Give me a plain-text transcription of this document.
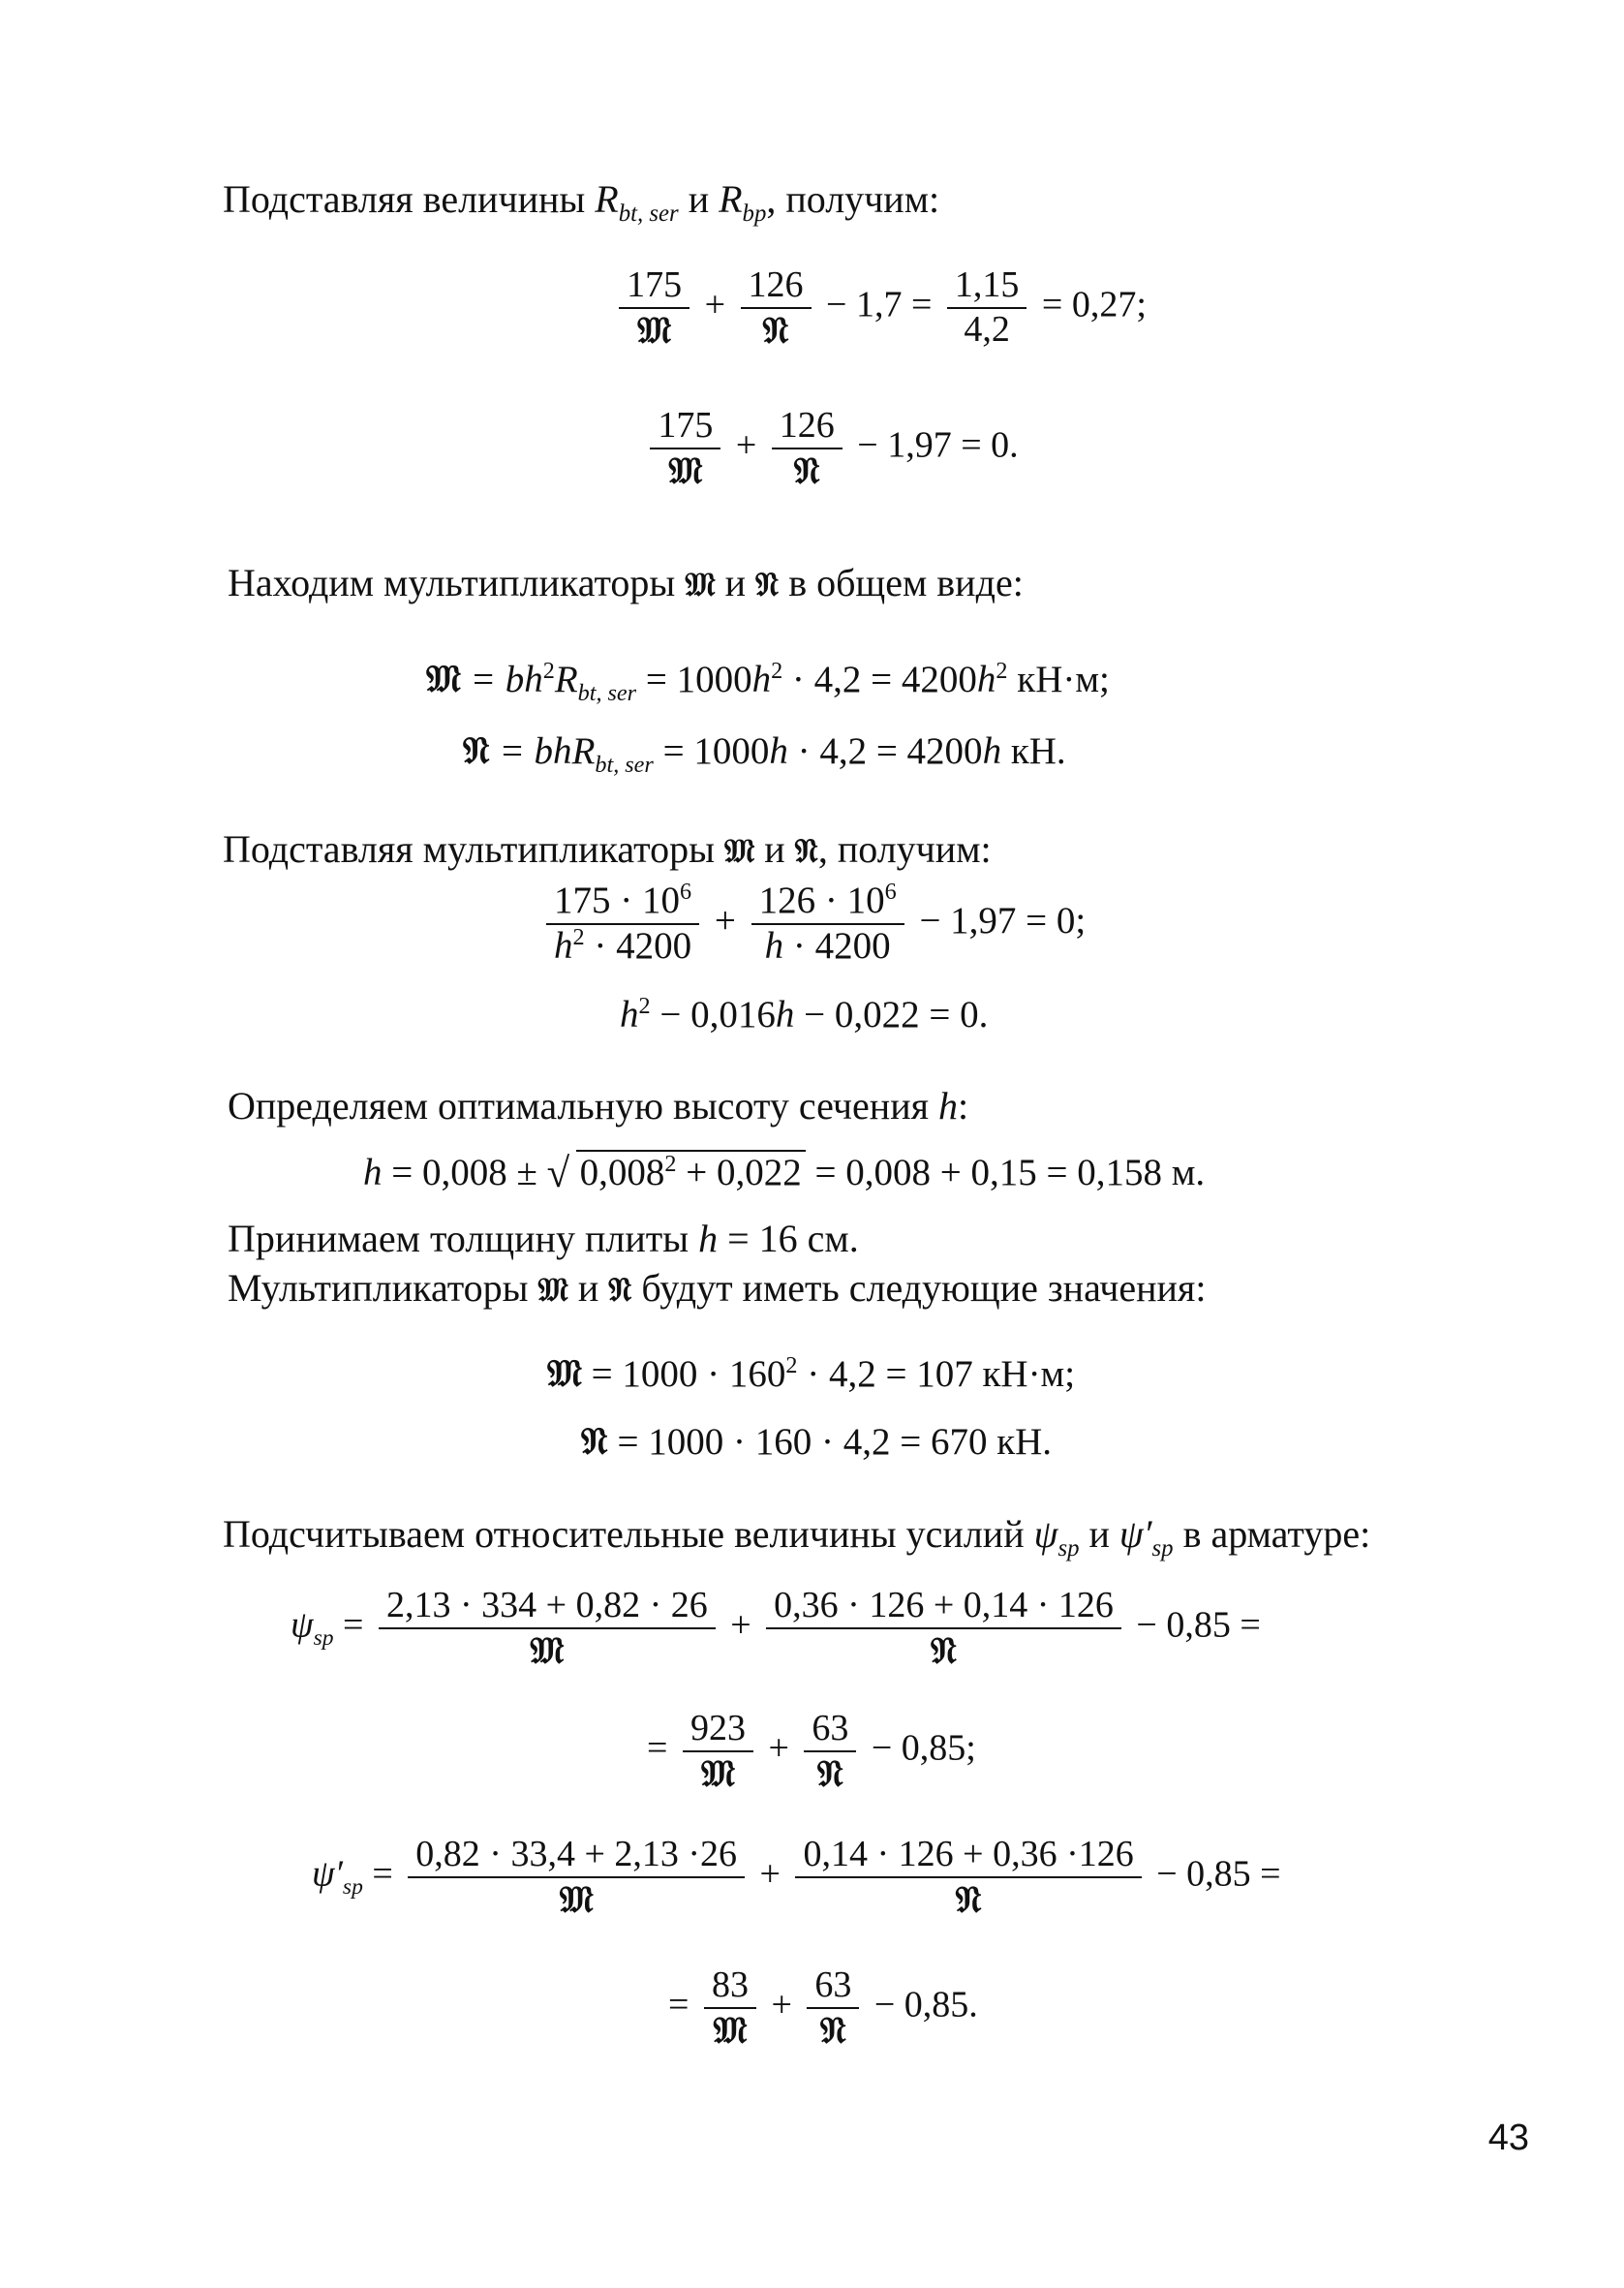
Подставляя величины $R_{bt, ser}$ и $R_{bp}$, получим:
$\frac{175}{\text{𝔐}} + \frac{126}{\text{𝔑}} - 1,7 = \frac{1,15}{4,2} = 0,27$;
$\frac{175}{\text{𝔐}} + \frac{126}{\text{𝔑}} - 1,97 = 0$.
Находим мультипликаторы 𝔐 и 𝔑 в общем виде:
𝔐 = $bh^2R_{bt, ser} = 1000h^2 \cdot 4,2 = 4200h^2$ кН·м;
𝔑 = bhR$_{bt, ser}$ = 1000h · 4,2 = 4200h кН.
Подставляя мультипликаторы 𝔐 и 𝔑, получим:
$\frac{175 \cdot 10^6}{h^2 \cdot 4200} + \frac{126 \cdot 10^6}{h \cdot 4200} - 1,97 = 0$;
$h^2 - 0,016h - 0,022 = 0$.
Определяем оптимальную высоту сечения h:
h = 0,008 ± √ $0,008^2 + 0,022 = 0,008 + 0,15 = 0,158$ м.
Принимаем толщину плиты h = 16 см.
Мультипликаторы 𝔐 и 𝔑 будут иметь следующие значения:
𝔐 = $1000 \cdot 160^2 \cdot 4,2 = 107$ кН·м;
𝔑 = 1000 · 160 · 4,2 = 670 кН.
Подсчитываем относительные величины усилий $\psi_{sp}$ и $\psi'_{sp}$ в арматуре:
$\psi_{sp} = \frac{2,13 \cdot 334 + 0,82 \cdot 26}{\text{𝔐}} + \frac{0,36 \cdot 126 + 0,14 \cdot 126}{\text{𝔑}} - 0,85$ =
= $\frac{923}{\text{𝔐}} + \frac{63}{\text{𝔑}} - 0,85$;
$\psi'_{sp} = \frac{0,82 \cdot 33,4 + 2,13 \cdot 26}{\text{𝔐}} + \frac{0,14 \cdot 126 + 0,36 \cdot 126}{\text{𝔑}} - 0,85$ =
= $\frac{83}{\text{𝔐}} + \frac{63}{\text{𝔑}} - 0,85$.
43
